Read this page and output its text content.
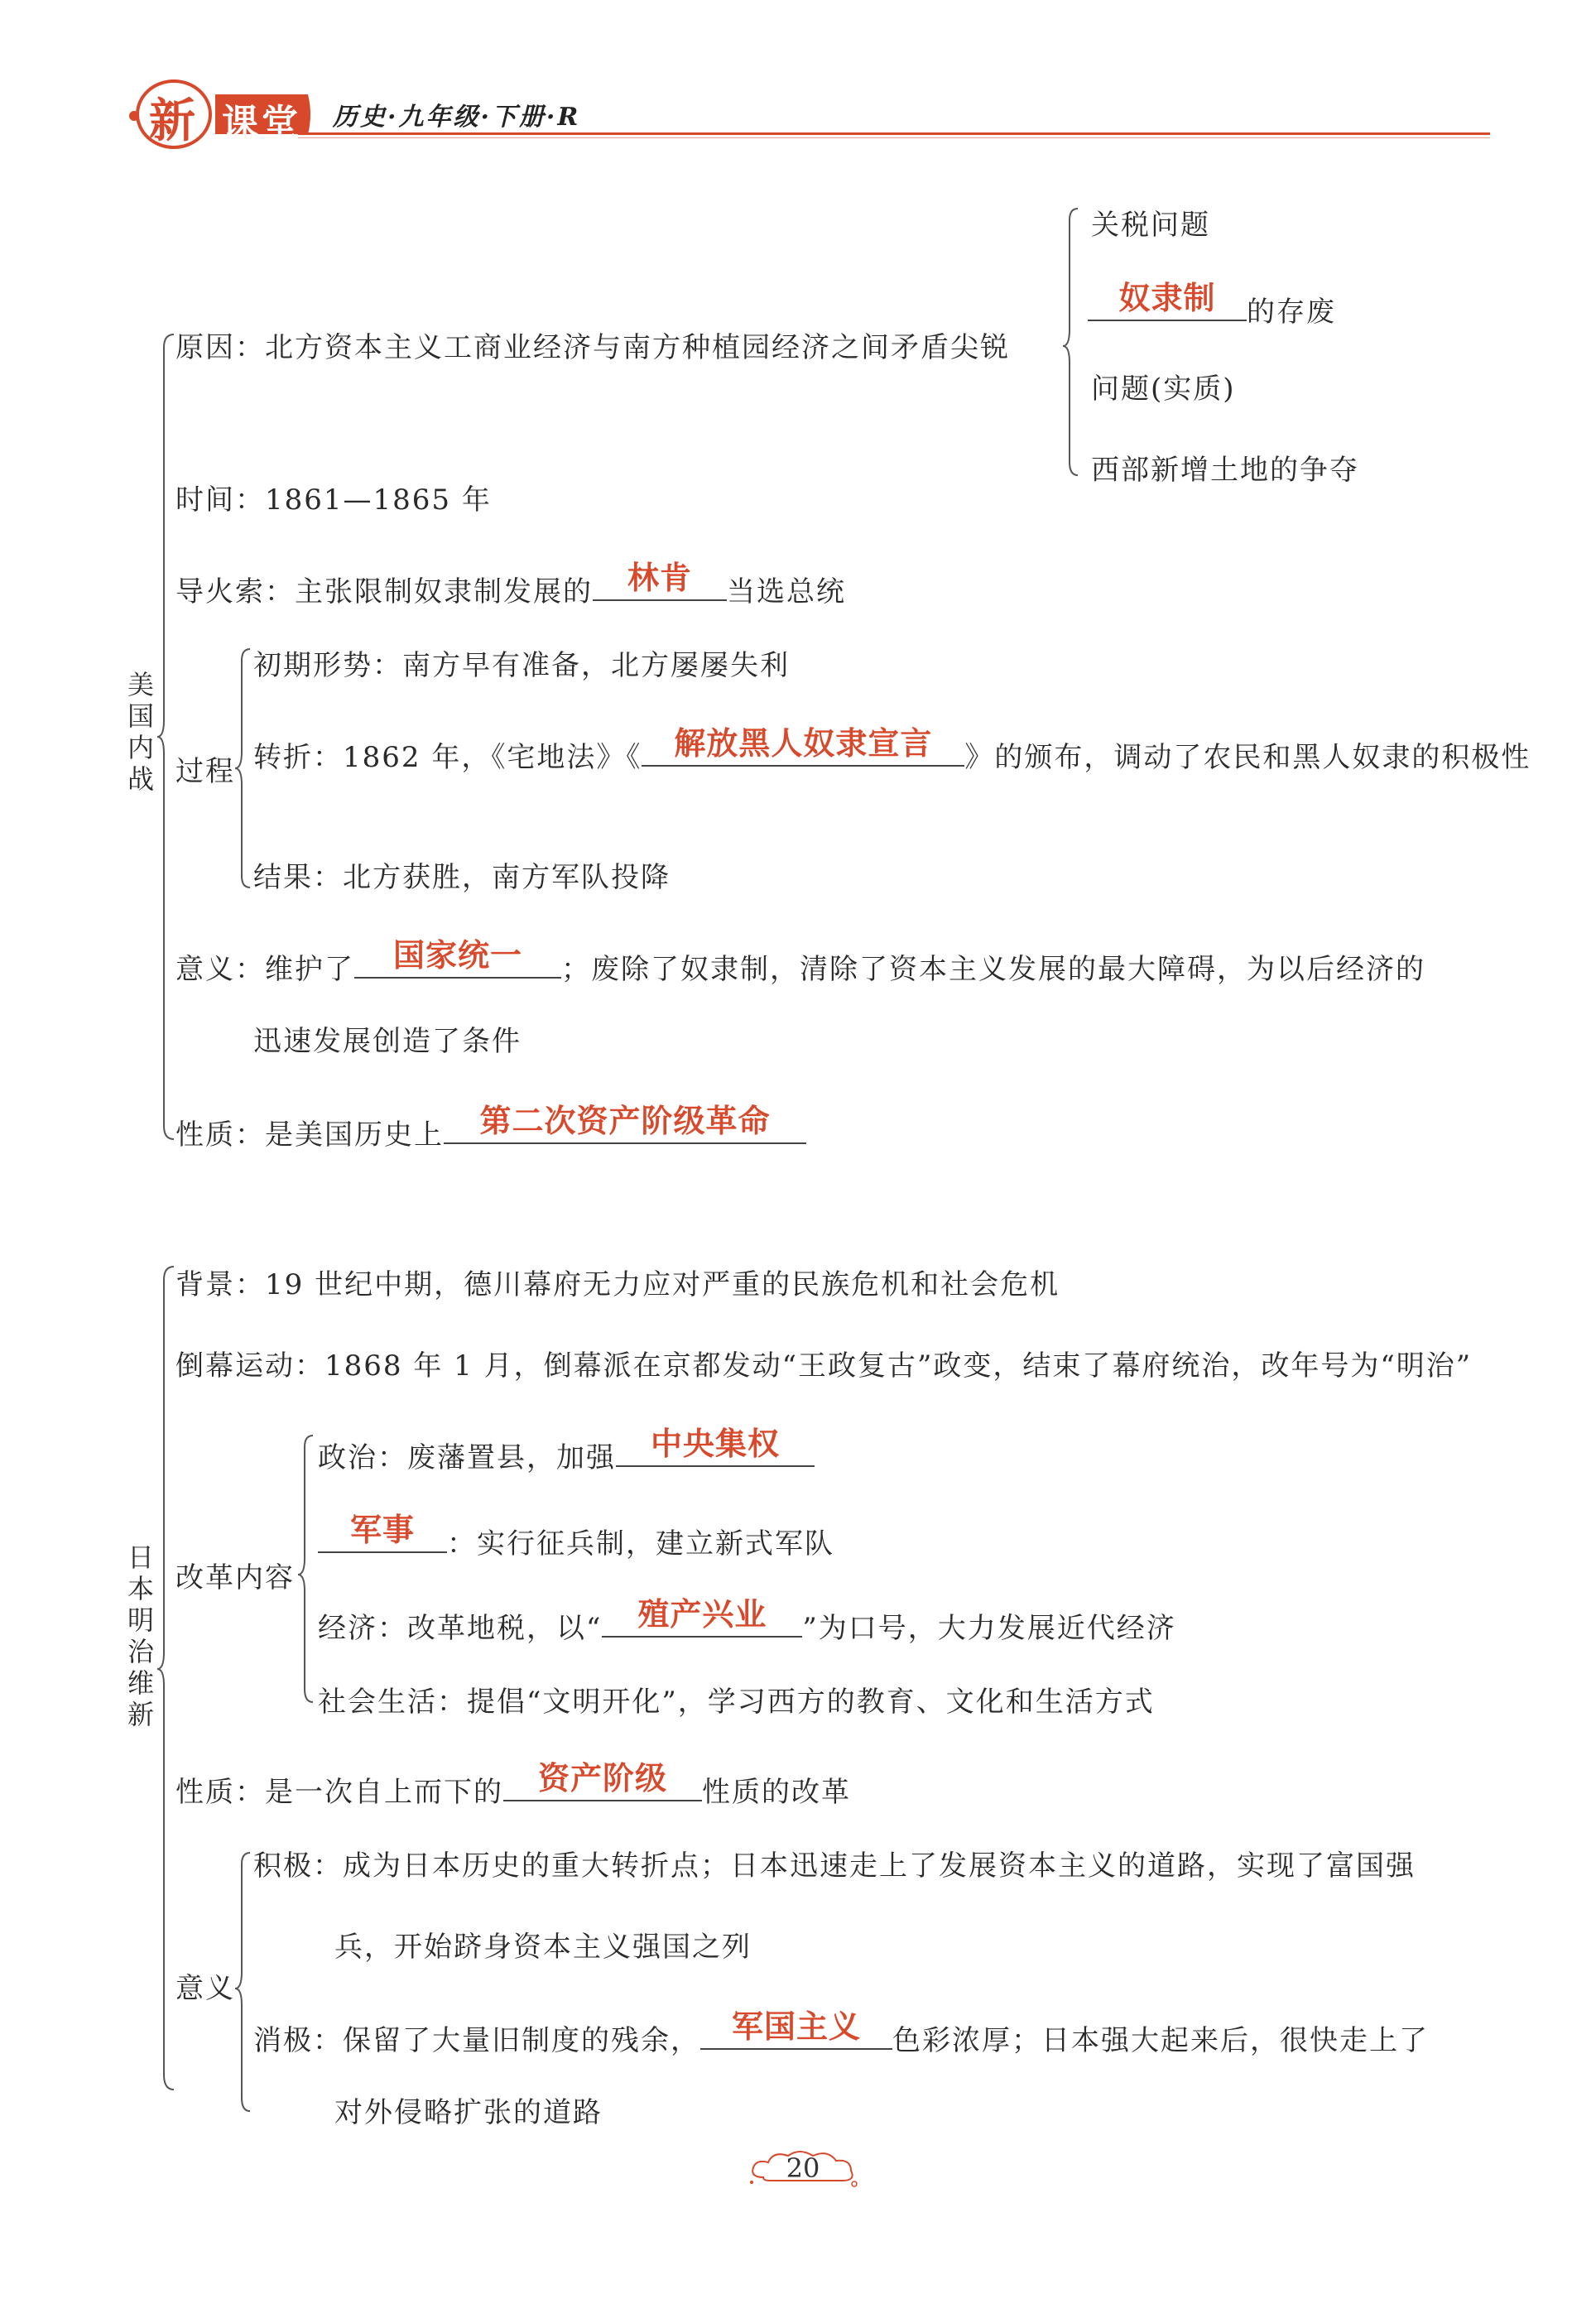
新 课 堂 历史·九年级·下册·R
美国内战
原因：北方资本主义工商业经济与南方种植园经济之间矛盾尖锐
关税问题
奴隶制	的存废
问题(实质)
西部新增土地的争夺
时间：1861—1865 年
导火索：主张限制奴隶制发展的	林肯	当选总统
过程
初期形势：南方早有准备，北方屡屡失利
转折：1862 年，《宅地法》《	解放黑人奴隶宣言	》的颁布，调动了农民和黑人奴隶的积极性
结果：北方获胜，南方军队投降
意义：维护了	国家统一	；废除了奴隶制，清除了资本主义发展的最大障碍，为以后经济的
迅速发展创造了条件
性质：是美国历史上	第二次资产阶级革命
日本明治维新
背景：19 世纪中期，德川幕府无力应对严重的民族危机和社会危机
倒幕运动：1868 年 1 月，倒幕派在京都发动“王政复古”政变，结束了幕府统治，改年号为“明治”
改革内容
政治：废藩置县，加强	中央集权
军事	：实行征兵制，建立新式军队
经济：改革地税，以“	殖产兴业	”为口号，大力发展近代经济
社会生活：提倡“文明开化”，学习西方的教育、文化和生活方式
性质：是一次自上而下的	资产阶级	性质的改革
意义
积极：成为日本历史的重大转折点；日本迅速走上了发展资本主义的道路，实现了富国强
兵，开始跻身资本主义强国之列
消极：保留了大量旧制度的残余， 军国主义	色彩浓厚；日本强大起来后，很快走上了
对外侵略扩张的道路
20
